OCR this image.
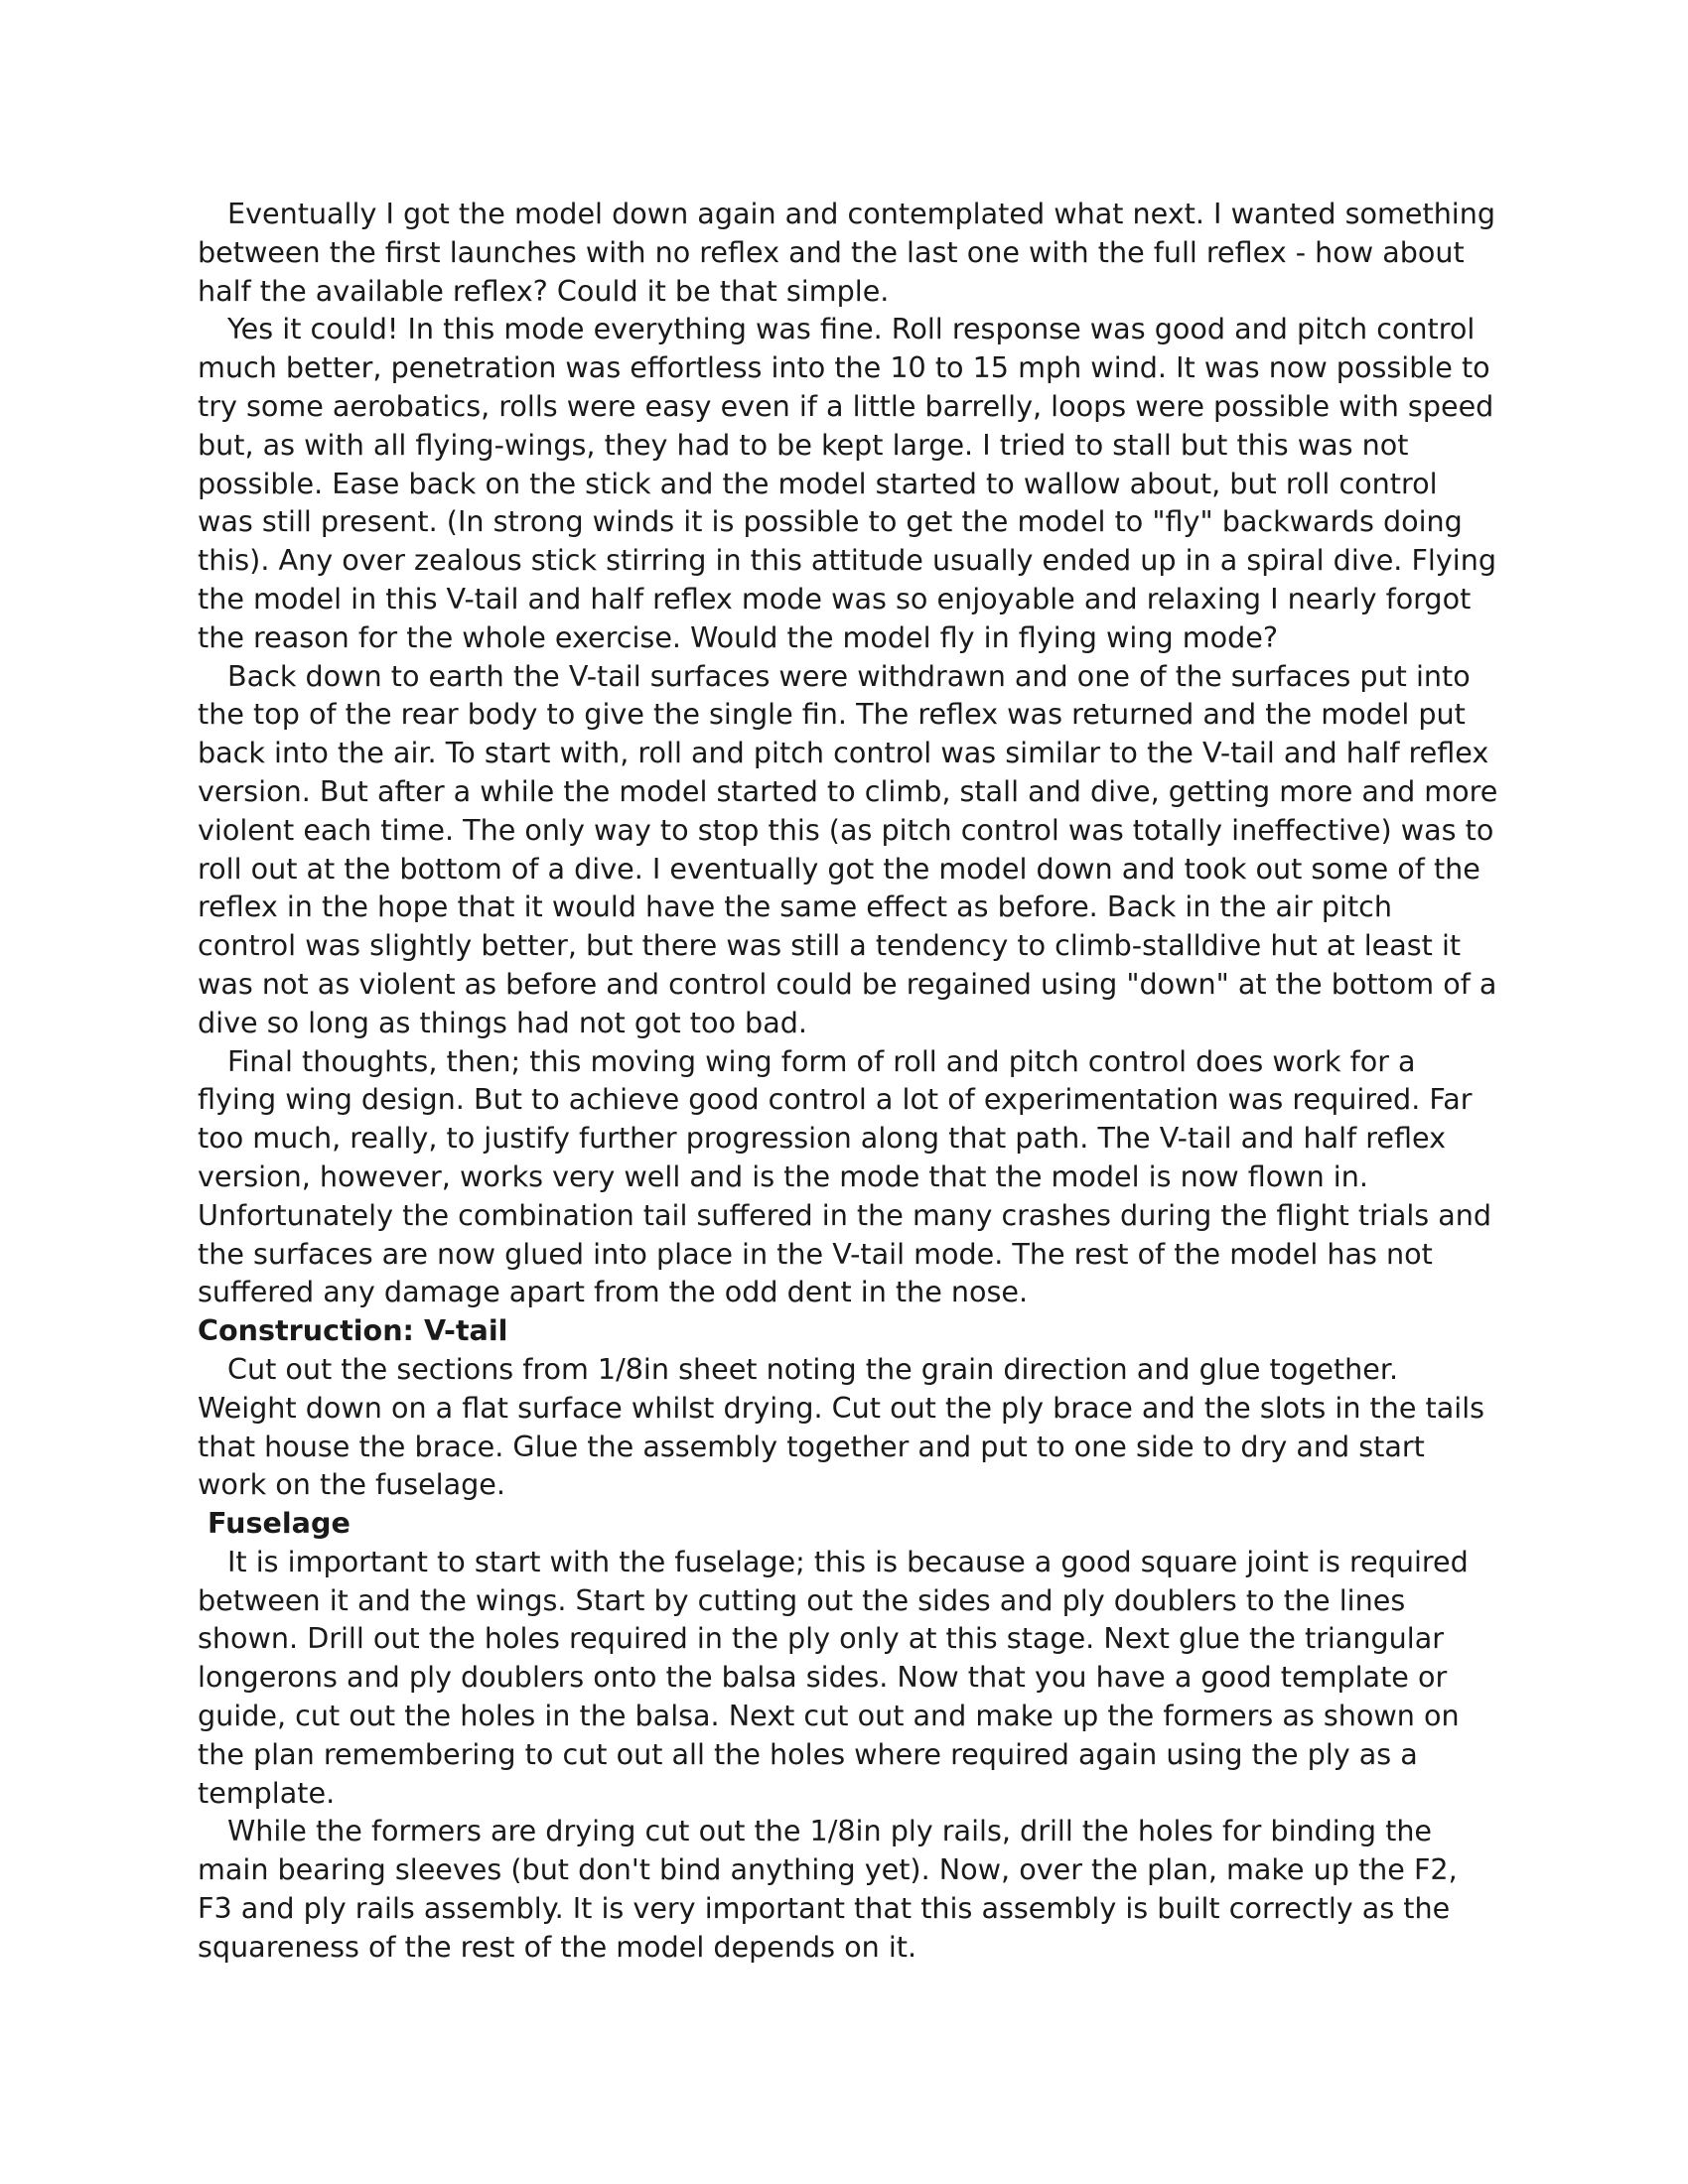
Eventually I got the model down again and contemplated what next. I wanted something between the first launches with no reflex and the last one with the full reflex - how about half the available reflex? Could it be that simple.

Yes it could! In this mode everything was fine. Roll response was good and pitch control much better, penetration was effortless into the 10 to 15 mph wind. It was now possible to try some aerobatics, rolls were easy even if a little barrelly, loops were possible with speed but, as with all flying-wings, they had to be kept large. I tried to stall but this was not possible. Ease back on the stick and the model started to wallow about, but roll control was still present. (In strong winds it is possible to get the model to "fly" backwards doing this). Any over zealous stick stirring in this attitude usually ended up in a spiral dive. Flying the model in this V-tail and half reflex mode was so enjoyable and relaxing I nearly forgot the reason for the whole exercise. Would the model fly in flying wing mode?

Back down to earth the V-tail surfaces were withdrawn and one of the surfaces put into the top of the rear body to give the single fin. The reflex was returned and the model put back into the air. To start with, roll and pitch control was similar to the V-tail and half reflex version. But after a while the model started to climb, stall and dive, getting more and more violent each time. The only way to stop this (as pitch control was totally ineffective) was to roll out at the bottom of a dive. I eventually got the model down and took out some of the reflex in the hope that it would have the same effect as before. Back in the air pitch control was slightly better, but there was still a tendency to climb-stalldive hut at least it was not as violent as before and control could be regained using "down" at the bottom of a dive so long as things had not got too bad.

Final thoughts, then; this moving wing form of roll and pitch control does work for a flying wing design. But to achieve good control a lot of experimentation was required. Far too much, really, to justify further progression along that path. The V-tail and half reflex version, however, works very well and is the mode that the model is now flown in. Unfortunately the combination tail suffered in the many crashes during the flight trials and the surfaces are now glued into place in the V-tail mode. The rest of the model has not suffered any damage apart from the odd dent in the nose.

Construction: V-tail

Cut out the sections from 1/8in sheet noting the grain direction and glue together. Weight down on a flat surface whilst drying. Cut out the ply brace and the slots in the tails that house the brace. Glue the assembly together and put to one side to dry and start work on the fuselage.

Fuselage

It is important to start with the fuselage; this is because a good square joint is required between it and the wings. Start by cutting out the sides and ply doublers to the lines shown. Drill out the holes required in the ply only at this stage. Next glue the triangular longerons and ply doublers onto the balsa sides. Now that you have a good template or guide, cut out the holes in the balsa. Next cut out and make up the formers as shown on the plan remembering to cut out all the holes where required again using the ply as a template.

While the formers are drying cut out the 1/8in ply rails, drill the holes for binding the main bearing sleeves (but don't bind anything yet). Now, over the plan, make up the F2, F3 and ply rails assembly. It is very important that this assembly is built correctly as the squareness of the rest of the model depends on it.
